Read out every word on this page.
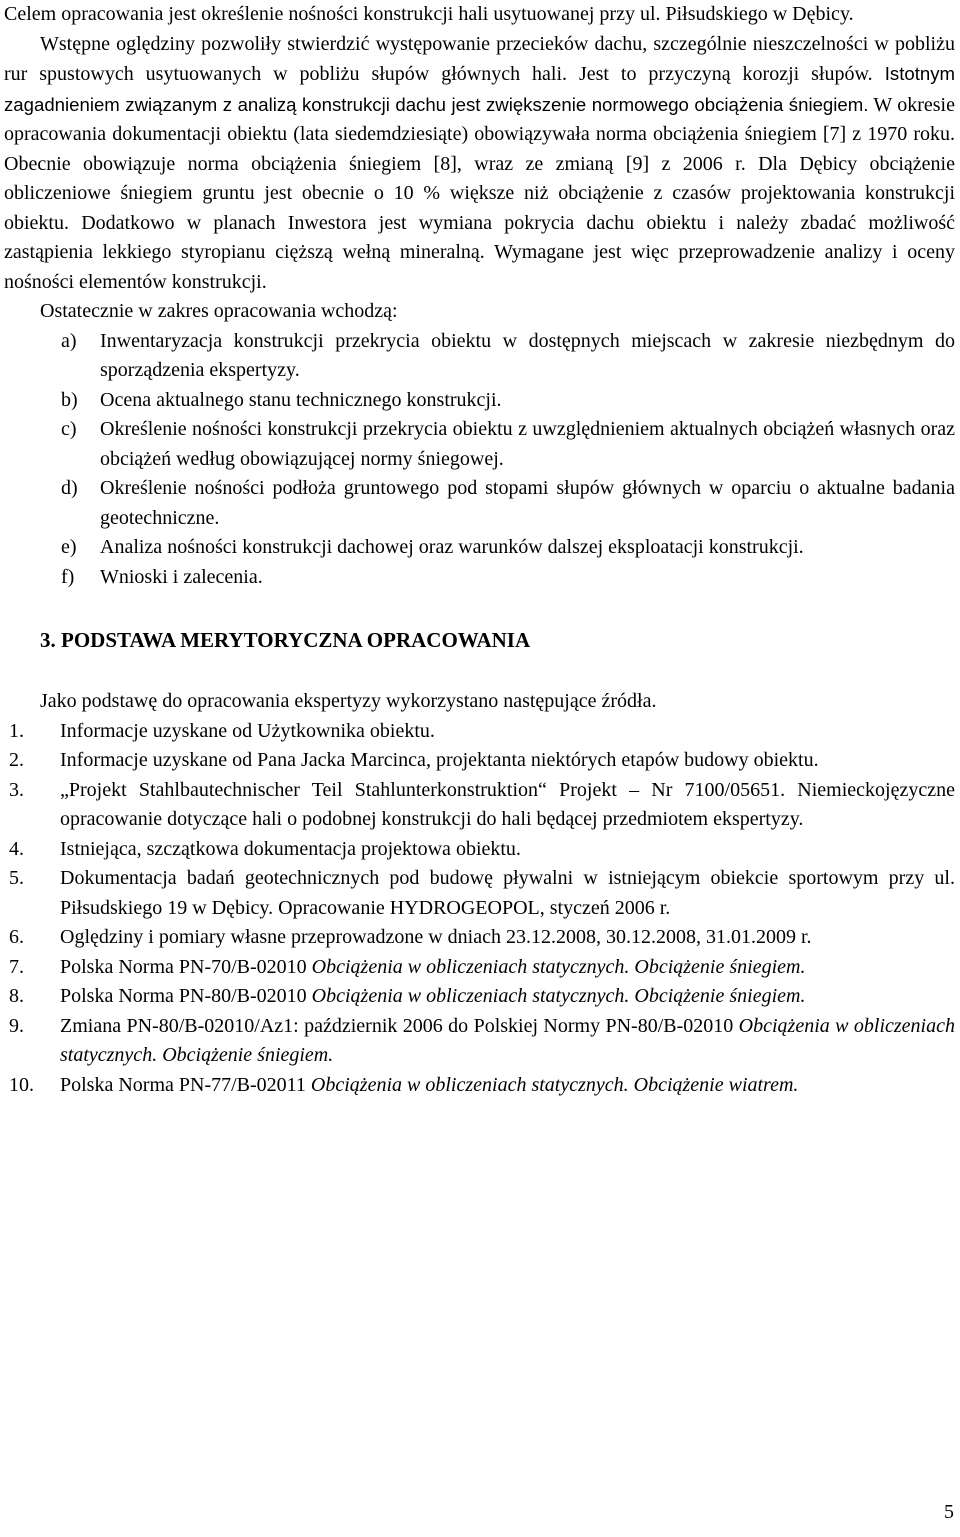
Celem opracowania jest określenie nośności konstrukcji hali usytuowanej przy ul. Piłsudskiego w Dębicy.

Wstępne oględziny pozwoliły stwierdzić występowanie przecieków dachu, szczególnie nieszczelności w pobliżu rur spustowych usytuowanych w pobliżu słupów głównych hali. Jest to przyczyną korozji słupów. Istotnym zagadnieniem związanym z analizą konstrukcji dachu jest zwiększenie normowego obciążenia śniegiem. W okresie opracowania dokumentacji obiektu (lata siedemdziesiąte) obowiązywała norma obciążenia śniegiem [7] z 1970 roku. Obecnie obowiązuje norma obciążenia śniegiem [8], wraz ze zmianą [9] z 2006 r. Dla Dębicy obciążenie obliczeniowe śniegiem gruntu jest obecnie o 10 % większe niż obciążenie z czasów projektowania konstrukcji obiektu. Dodatkowo w planach Inwestora jest wymiana pokrycia dachu obiektu i należy zbadać możliwość zastąpienia lekkiego styropianu cięższą wełną mineralną. Wymagane jest więc przeprowadzenie analizy i oceny nośności elementów konstrukcji.

Ostatecznie w zakres opracowania wchodzą:

a) Inwentaryzacja konstrukcji przekrycia obiektu w dostępnych miejscach w zakresie niezbędnym do sporządzenia ekspertyzy.
b) Ocena aktualnego stanu technicznego konstrukcji.
c) Określenie nośności konstrukcji przekrycia obiektu z uwzględnieniem aktualnych obciążeń własnych oraz obciążeń według obowiązującej normy śniegowej.
d) Określenie nośności podłoża gruntowego pod stopami słupów głównych w oparciu o aktualne badania geotechniczne.
e) Analiza nośności konstrukcji dachowej oraz warunków dalszej eksploatacji konstrukcji.
f) Wnioski i zalecenia.
3. PODSTAWA MERYTORYCZNA OPRACOWANIA

Jako podstawę do opracowania ekspertyzy wykorzystano następujące źródła.

1.	Informacje uzyskane od Użytkownika obiektu.
2.	Informacje uzyskane od Pana Jacka Marcinca, projektanta niektórych etapów budowy obiektu.
3.	„Projekt Stahlbautechnischer Teil Stahlunterkonstruktion“ Projekt – Nr 7100/05651. Niemieckojęzyczne opracowanie dotyczące hali o podobnej konstrukcji do hali będącej przedmiotem ekspertyzy.
4.	Istniejąca, szczątkowa dokumentacja projektowa obiektu.
5.	Dokumentacja badań geotechnicznych pod budowę pływalni w istniejącym obiekcie sportowym przy ul. Piłsudskiego 19 w Dębicy. Opracowanie HYDROGEOPOL, styczeń 2006 r.
6.	Oględziny i pomiary własne przeprowadzone w dniach 23.12.2008, 30.12.2008, 31.01.2009 r.
7.	Polska Norma PN-70/B-02010 Obciążenia w obliczeniach statycznych. Obciążenie śniegiem.
8.	Polska Norma PN-80/B-02010 Obciążenia w obliczeniach statycznych. Obciążenie śniegiem.
9.	Zmiana PN-80/B-02010/Az1: październik 2006 do Polskiej Normy PN-80/B-02010 Obciążenia w obliczeniach statycznych. Obciążenie śniegiem.
10. Polska Norma PN-77/B-02011 Obciążenia w obliczeniach statycznych. Obciążenie wiatrem.
5
